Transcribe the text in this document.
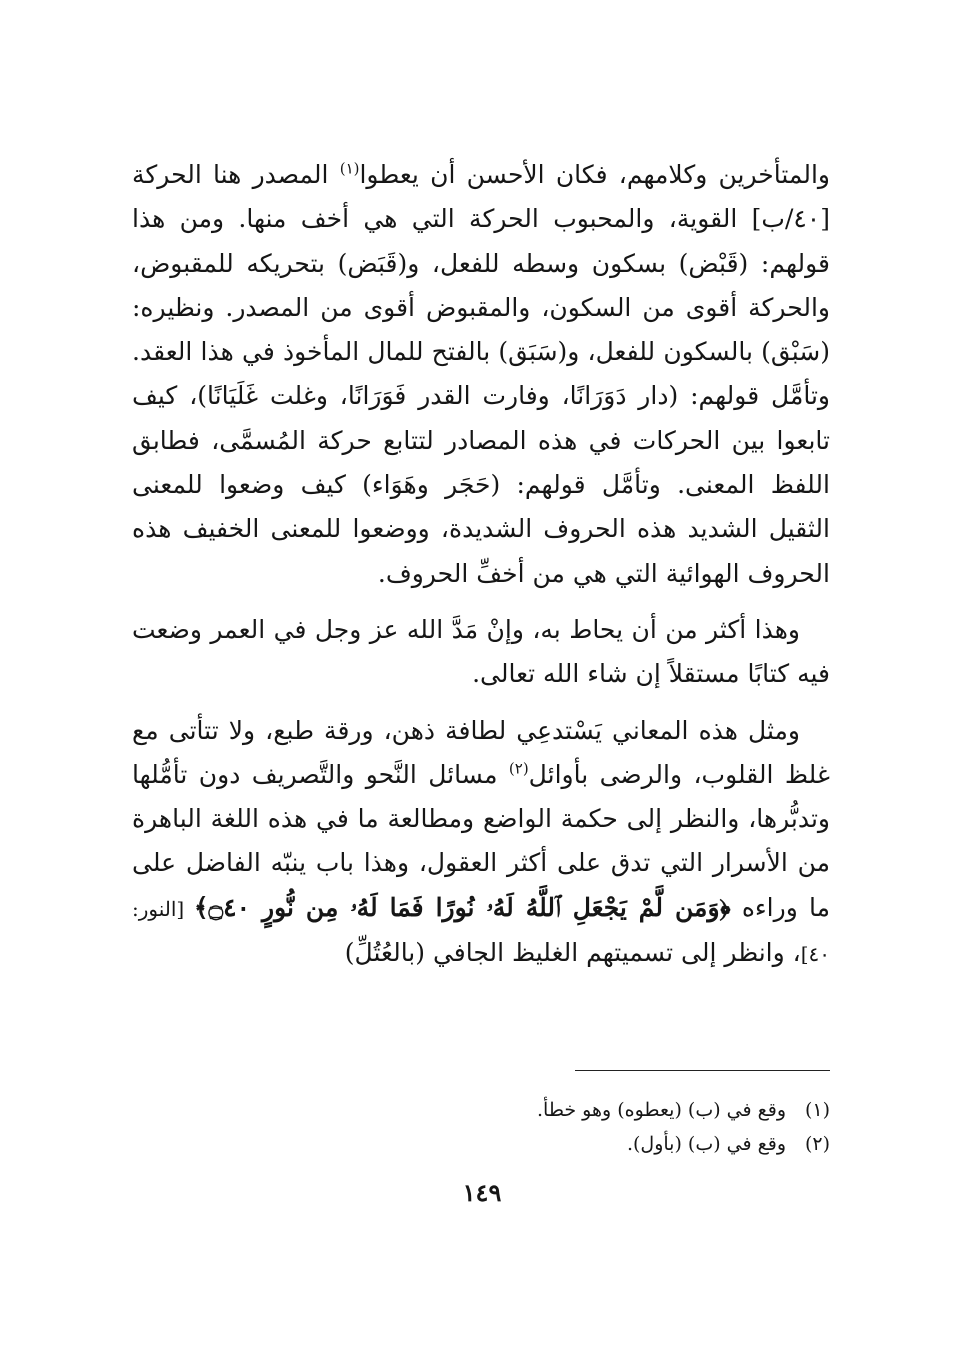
والمتأخرين وكلامهم، فكان الأحسن أن يعطوا$^{(١)}$ المصدر هنا الحركة [٤٠/ب] القوية، والمحبوب الحركة التي هي أخف منها. ومن هذا قولهم: (قَبْض) بسكون وسطه للفعل، و(قَبَض) بتحريكه للمقبوض، والحركة أقوى من السكون، والمقبوض أقوى من المصدر. ونظيره: (سَبْق) بالسكون للفعل، و(سَبَق) بالفتح للمال المأخوذ في هذا العقد. وتأمَّل قولهم: (دار دَوَرَانًا، وفارت القدر فَوَرَانًا، وغلت غَلَيَانًا)، كيف تابعوا بين الحركات في هذه المصادر لتتابع حركة المُسمَّى، فطابق اللفظ المعنى. وتأمَّل قولهم: (حَجَر وهَوَاء) كيف وضعوا للمعنى الثقيل الشديد هذه الحروف الشديدة، ووضعوا للمعنى الخفيف هذه الحروف الهوائية التي هي من أخفِّ الحروف.

وهذا أكثر من أن يحاط به، وإنْ مَدَّ الله عز وجل في العمر وضعت فيه كتابًا مستقلاً إن شاء الله تعالى.

ومثل هذه المعاني يَسْتدعِي لطافة ذهن، ورقة طبع، ولا تتأتى مع غلظ القلوب، والرضى بأوائل$^{(٢)}$ مسائل النَّحو والتَّصريف دون تأمُّلها وتدبُّرها، والنظر إلى حكمة الواضع ومطالعة ما في هذه اللغة الباهرة من الأسرار التي تدق على أكثر العقول، وهذا باب ينبّه الفاضل على ما وراءه ﴿وَمَن لَّمْ يَجْعَلِ ٱللَّهُ لَهُۥ نُورًا فَمَا لَهُۥ مِن نُّورٍ ۝٤٠﴾ [النور: ٤٠]، وانظر إلى تسميتهم الغليظ الجافي (بالعُتُلِّ)

(١)وقع في (ب) (يعطوه) وهو خطأ.

(٢)وقع في (ب) (بأول).

١٤٩
